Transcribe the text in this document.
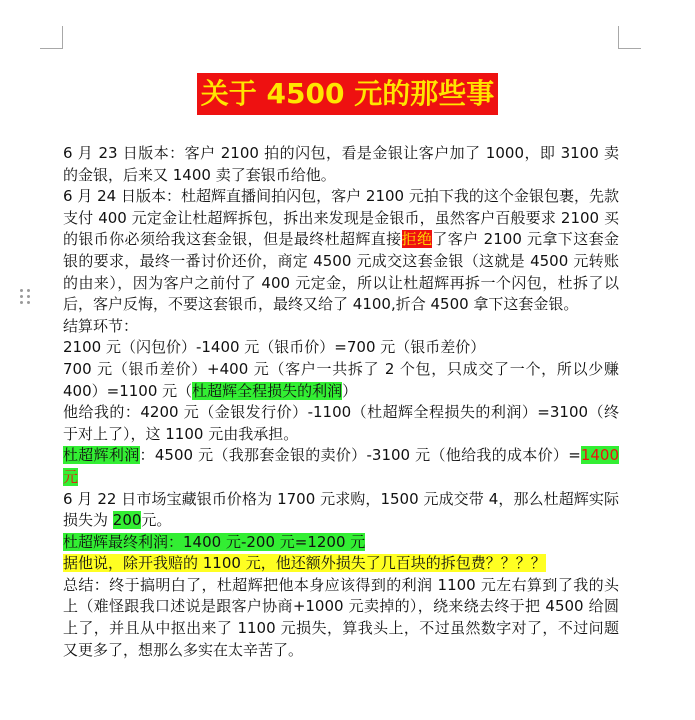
关于 4500 元的那些事

6 月 23 日版本：客户 2100 拍的闪包，看是金银让客户加了 1000，即 3100 卖的金银，后来又 1400 卖了套银币给他。

6 月 24 日版本：杜超辉直播间拍闪包，客户 2100 元拍下我的这个金银包裹，先款支付 400 元定金让杜超辉拆包，拆出来发现是金银币，虽然客户百般要求 2100 买的银币你必须给我这套金银，但是最终杜超辉直接拒绝了客户 2100 元拿下这套金银的要求，最终一番讨价还价，商定 4500 元成交这套金银（这就是 4500 元转账的由来），因为客户之前付了 400 元定金，所以让杜超辉再拆一个闪包，杜拆了以后，客户反悔，不要这套银币，最终又给了 4100,折合 4500 拿下这套金银。

结算环节：

2100 元（闪包价）-1400 元（银币价）=700 元（银币差价）

700 元（银币差价）+400 元（客户一共拆了 2 个包，只成交了一个，所以少赚 400）=1100 元（杜超辉全程损失的利润）

他给我的：4200 元（金银发行价）-1100（杜超辉全程损失的利润）=3100（终于对上了），这 1100 元由我承担。

杜超辉利润：4500 元（我那套金银的卖价）-3100 元（他给我的成本价）=1400 元

6 月 22 日市场宝藏银币价格为 1700 元求购，1500 元成交带 4，那么杜超辉实际损失为 200元。

杜超辉最终利润：1400 元-200 元=1200 元

据他说，除开我赔的 1100 元，他还额外损失了几百块的拆包费？？？？

总结：终于搞明白了，杜超辉把他本身应该得到的利润 1100 元左右算到了我的头上（难怪跟我口述说是跟客户协商+1000 元卖掉的），绕来绕去终于把 4500 给圆上了，并且从中抠出来了 1100 元损失，算我头上，不过虽然数字对了，不过问题又更多了，想那么多实在太辛苦了。
